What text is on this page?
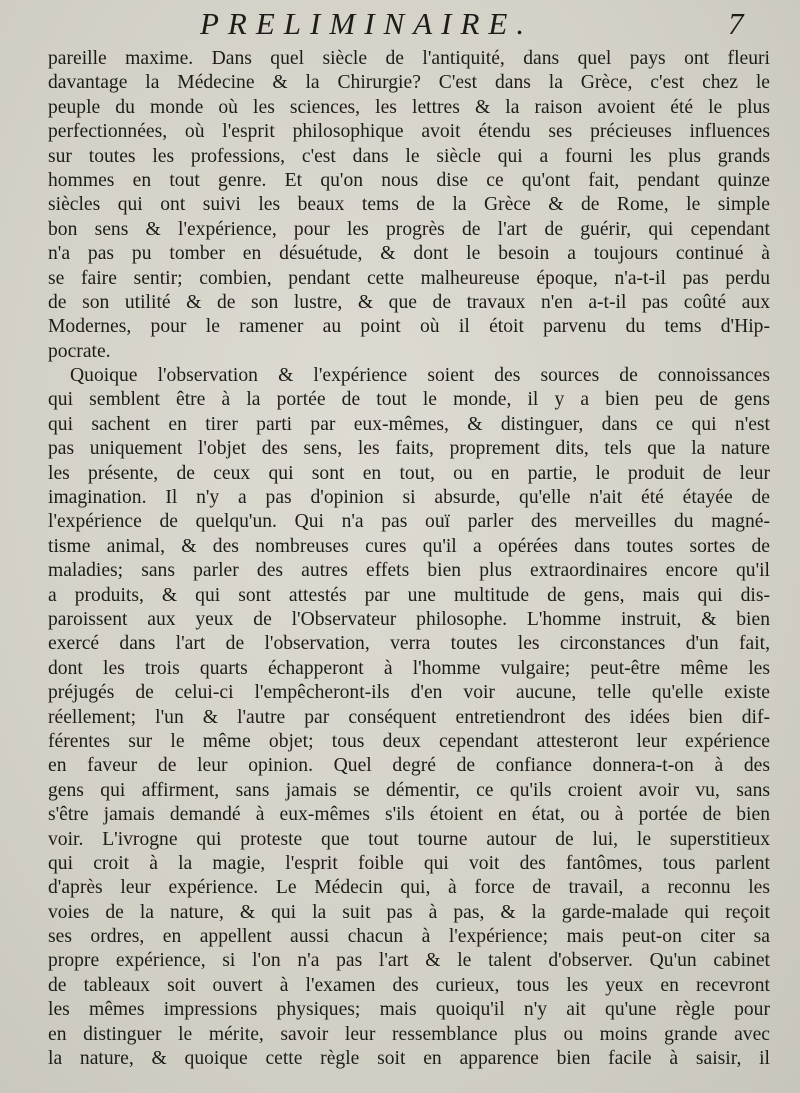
PRELIMINAIRE.	7
pareille maxime. Dans quel siècle de l'antiquité, dans quel pays ont fleuri
davantage la Médecine & la Chirurgie? C'est dans la Grèce, c'est chez le
peuple du monde où les sciences, les lettres & la raison avoient été le plus
perfectionnées, où l'esprit philosophique avoit étendu ses précieuses influences
sur toutes les professions, c'est dans le siècle qui a fourni les plus grands
hommes en tout genre. Et qu'on nous dise ce qu'ont fait, pendant quinze
siècles qui ont suivi les beaux tems de la Grèce & de Rome, le simple
bon sens & l'expérience, pour les progrès de l'art de guérir, qui cependant
n'a pas pu tomber en désuétude, & dont le besoin a toujours continué à
se faire sentir; combien, pendant cette malheureuse époque, n'a-t-il pas perdu
de son utilité & de son lustre, & que de travaux n'en a-t-il pas coûté aux
Modernes, pour le ramener au point où il étoit parvenu du tems d'Hip-
pocrate.
Quoique l'observation & l'expérience soient des sources de connoissances
qui semblent être à la portée de tout le monde, il y a bien peu de gens
qui sachent en tirer parti par eux-mêmes, & distinguer, dans ce qui n'est
pas uniquement l'objet des sens, les faits, proprement dits, tels que la nature
les présente, de ceux qui sont en tout, ou en partie, le produit de leur
imagination. Il n'y a pas d'opinion si absurde, qu'elle n'ait été étayée de
l'expérience de quelqu'un. Qui n'a pas ouï parler des merveilles du magné-
tisme animal, & des nombreuses cures qu'il a opérées dans toutes sortes de
maladies; sans parler des autres effets bien plus extraordinaires encore qu'il
a produits, & qui sont attestés par une multitude de gens, mais qui dis-
paroissent aux yeux de l'Observateur philosophe. L'homme instruit, & bien
exercé dans l'art de l'observation, verra toutes les circonstances d'un fait,
dont les trois quarts échapperont à l'homme vulgaire; peut-être même les
préjugés de celui-ci l'empêcheront-ils d'en voir aucune, telle qu'elle existe
réellement; l'un & l'autre par conséquent entretiendront des idées bien dif-
férentes sur le même objet; tous deux cependant attesteront leur expérience
en faveur de leur opinion. Quel degré de confiance donnera-t-on à des
gens qui affirment, sans jamais se démentir, ce qu'ils croient avoir vu, sans
s'être jamais demandé à eux-mêmes s'ils étoient en état, ou à portée de bien
voir. L'ivrogne qui proteste que tout tourne autour de lui, le superstitieux
qui croit à la magie, l'esprit foible qui voit des fantômes, tous parlent
d'après leur expérience. Le Médecin qui, à force de travail, a reconnu les
voies de la nature, & qui la suit pas à pas, & la garde-malade qui reçoit
ses ordres, en appellent aussi chacun à l'expérience; mais peut-on citer sa
propre expérience, si l'on n'a pas l'art & le talent d'observer. Qu'un cabinet
de tableaux soit ouvert à l'examen des curieux, tous les yeux en recevront
les mêmes impressions physiques; mais quoiqu'il n'y ait qu'une règle pour
en distinguer le mérite, savoir leur ressemblance plus ou moins grande avec
la nature, & quoique cette règle soit en apparence bien facile à saisir, il
